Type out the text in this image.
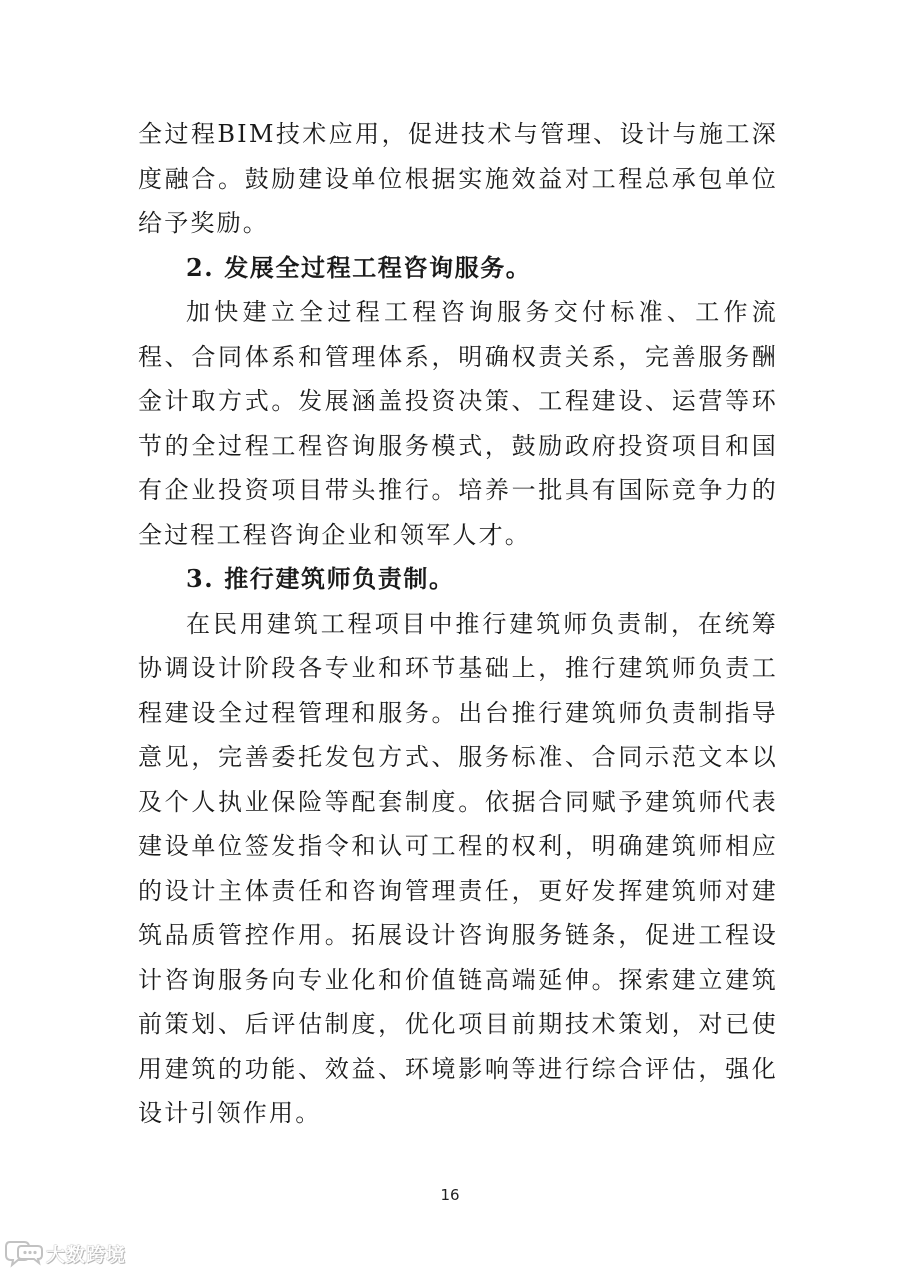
全过程BIM技术应用，促进技术与管理、设计与施工深度融合。鼓励建设单位根据实施效益对工程总承包单位给予奖励。

2. 发展全过程工程咨询服务。

加快建立全过程工程咨询服务交付标准、工作流程、合同体系和管理体系，明确权责关系，完善服务酬金计取方式。发展涵盖投资决策、工程建设、运营等环节的全过程工程咨询服务模式，鼓励政府投资项目和国有企业投资项目带头推行。培养一批具有国际竞争力的全过程工程咨询企业和领军人才。

3. 推行建筑师负责制。

在民用建筑工程项目中推行建筑师负责制，在统筹协调设计阶段各专业和环节基础上，推行建筑师负责工程建设全过程管理和服务。出台推行建筑师负责制指导意见，完善委托发包方式、服务标准、合同示范文本以及个人执业保险等配套制度。依据合同赋予建筑师代表建设单位签发指令和认可工程的权利，明确建筑师相应的设计主体责任和咨询管理责任，更好发挥建筑师对建筑品质管控作用。拓展设计咨询服务链条，促进工程设计咨询服务向专业化和价值链高端延伸。探索建立建筑前策划、后评估制度，优化项目前期技术策划，对已使用建筑的功能、效益、环境影响等进行综合评估，强化设计引领作用。

16
大数跨境
